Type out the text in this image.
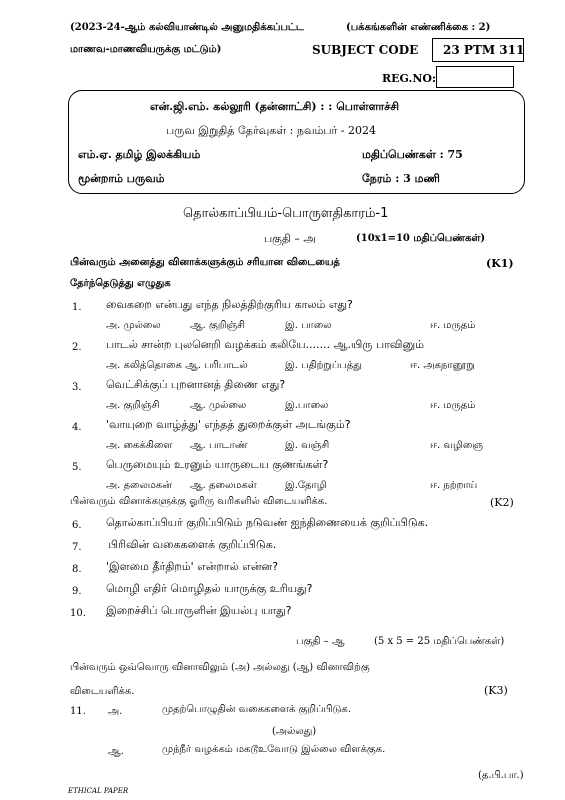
(2023-24-ஆம் கல்வியாண்டில் அனுமதிக்கப்பட்ட	(பக்கங்களின் எண்ணிக்கை : 2)
மாணவ-மாணவியருக்கு மட்டும்)	SUBJECT CODE 23 PTM 311
REG.NO:
என்.ஜி.எம். கல்லூரி (தன்னாட்சி) : : பொள்ளாச்சி
பருவ இறுதித் தேர்வுகள் : நவம்பர் - 2024
எம்.ஏ. தமிழ் இலக்கியம்	மதிப்பெண்கள் : 75
மூன்றாம் பருவம்	நேரம் : 3 மணி
தொல்காப்பியம்-பொருளதிகாரம்-1
பகுதி – அ	(10x1=10 மதிப்பெண்கள்)
பின்வரும் அனைத்து வினாக்களுக்கும் சரியான விடையைத்	(K1)
தேர்ந்தெடுத்து எழுதுக
1. வைகறை என்பது எந்த நிலத்திற்குரிய காலம் எது?
அ. முல்லை	ஆ. குறிஞ்சி	இ. பாலை	ஈ. மருதம்
2. பாடல் சான்ற புலனெறி வழக்கம் கலியே....... ஆ.யிரு பாவினும்
அ. கலித்தொகை ஆ. பரிபாடல்	இ. பதிற்றுப்பத்து	ஈ. அகநானூறு
3. வெட்சிக்குப் புறனானத் திணை எது?
அ. குறிஞ்சி	ஆ. முல்லை	இ.பாலை	ஈ. மருதம்
4. 'வாயுறை வாழ்த்து' எந்தத் துறைக்குள் அடங்கும்?
அ. கைக்கிளை ஆ. பாடாண்	இ. வஞ்சி	ஈ. வழிஞை
5. பெருமையும் உரனும் யாருடைய குணங்கள்?
அ. தலைமகன் ஆ. தலைமகள்	இ.தோழி	ஈ. நற்றாய்
பின்வரும் வினாக்களுக்கு ஓரிரு வரிகளில் விடையளிக்க.	(K2)
6. தொல்காப்பியர் குறிப்பிடும் நடுவண் ஐந்திணையைக் குறிப்பிடுக.
7. பிரிவின் வகைகளைக் குறிப்பிடுக.
8. 'இளமை தீர்திறம்' என்றால் என்ன?
9. மொழி எதிர் மொழிதல் யாருக்கு உரியது?
10. இறைச்சிப் பொருளின் இயல்பு யாது?
பகுதி – ஆ	(5 x 5 = 25 மதிப்பெண்கள்)
பின்வரும் ஒவ்வொரு வினாவிலும் (அ) அல்லது (ஆ) வினாவிற்கு
விடையளிக்க.	(K3)
11. அ.	முதற்பொழுதின் வகைகளைக் குறிப்பிடுக.
(அல்லது)
ஆ.	முந்நீர் வழக்கம் மகடூஉவோடு இல்லை விளக்குக.
(த.பி.பா.)
ETHICAL PAPER
